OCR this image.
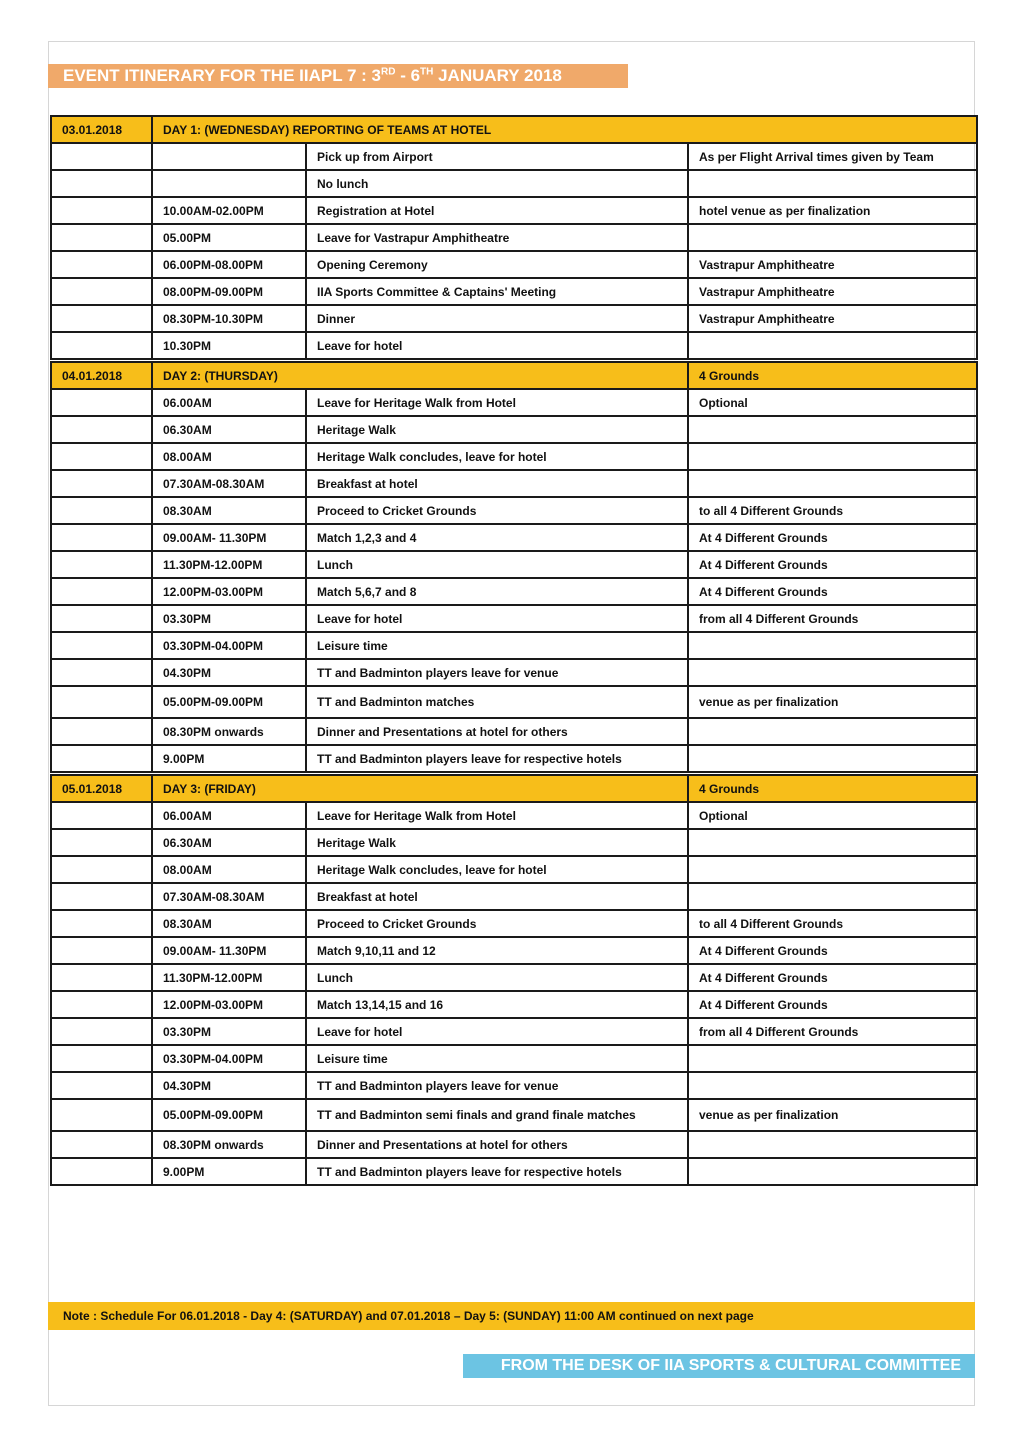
EVENT ITINERARY FOR THE IIAPL 7 : 3RD - 6TH JANUARY 2018
03.01.2018	DAY 1: (WEDNESDAY) REPORTING OF TEAMS AT HOTEL		
		Pick up from Airport	As per Flight Arrival times given by Team
		No lunch	
	10.00AM-02.00PM	Registration at Hotel	hotel venue as per finalization
	05.00PM	Leave for Vastrapur Amphitheatre	
	06.00PM-08.00PM	Opening Ceremony	Vastrapur Amphitheatre
	08.00PM-09.00PM	IIA Sports Committee & Captains' Meeting	Vastrapur Amphitheatre
	08.30PM-10.30PM	Dinner	Vastrapur Amphitheatre
	10.30PM	Leave for hotel	

04.01.2018	DAY 2: (THURSDAY)		4 Grounds
	06.00AM	Leave for Heritage Walk from Hotel	Optional
	06.30AM	Heritage Walk	
	08.00AM	Heritage Walk concludes, leave for hotel	
	07.30AM-08.30AM	Breakfast at hotel	
	08.30AM	Proceed to Cricket Grounds	to all 4 Different Grounds
	09.00AM- 11.30PM	Match 1,2,3 and 4	At 4 Different Grounds
	11.30PM-12.00PM	Lunch	At 4 Different Grounds
	12.00PM-03.00PM	Match 5,6,7 and 8	At 4 Different Grounds
	03.30PM	Leave for hotel	from all 4 Different Grounds
	03.30PM-04.00PM	Leisure time	
	04.30PM	TT and Badminton players leave for venue	
	05.00PM-09.00PM	TT and Badminton matches	venue as per finalization
	08.30PM onwards	Dinner and Presentations at hotel for others	
	9.00PM	TT and Badminton players leave for respective hotels	

05.01.2018	DAY 3: (FRIDAY)		4 Grounds
	06.00AM	Leave for Heritage Walk from Hotel	Optional
	06.30AM	Heritage Walk	
	08.00AM	Heritage Walk concludes, leave for hotel	
	07.30AM-08.30AM	Breakfast at hotel	
	08.30AM	Proceed to Cricket Grounds	to all 4 Different Grounds
	09.00AM- 11.30PM	Match 9,10,11 and 12	At 4 Different Grounds
	11.30PM-12.00PM	Lunch	At 4 Different Grounds
	12.00PM-03.00PM	Match 13,14,15 and 16	At 4 Different Grounds
	03.30PM	Leave for hotel	from all 4 Different Grounds
	03.30PM-04.00PM	Leisure time	
	04.30PM	TT and Badminton players leave for venue	
	05.00PM-09.00PM	TT and Badminton semi finals and grand finale matches	venue as per finalization
	08.30PM onwards	Dinner and Presentations at hotel for others	
	9.00PM	TT and Badminton players leave for respective hotels	
Note : Schedule For 06.01.2018 - Day 4: (SATURDAY) and 07.01.2018 – Day 5: (SUNDAY) 11:00 AM continued on next page
FROM THE DESK OF IIA SPORTS & CULTURAL COMMITTEE
